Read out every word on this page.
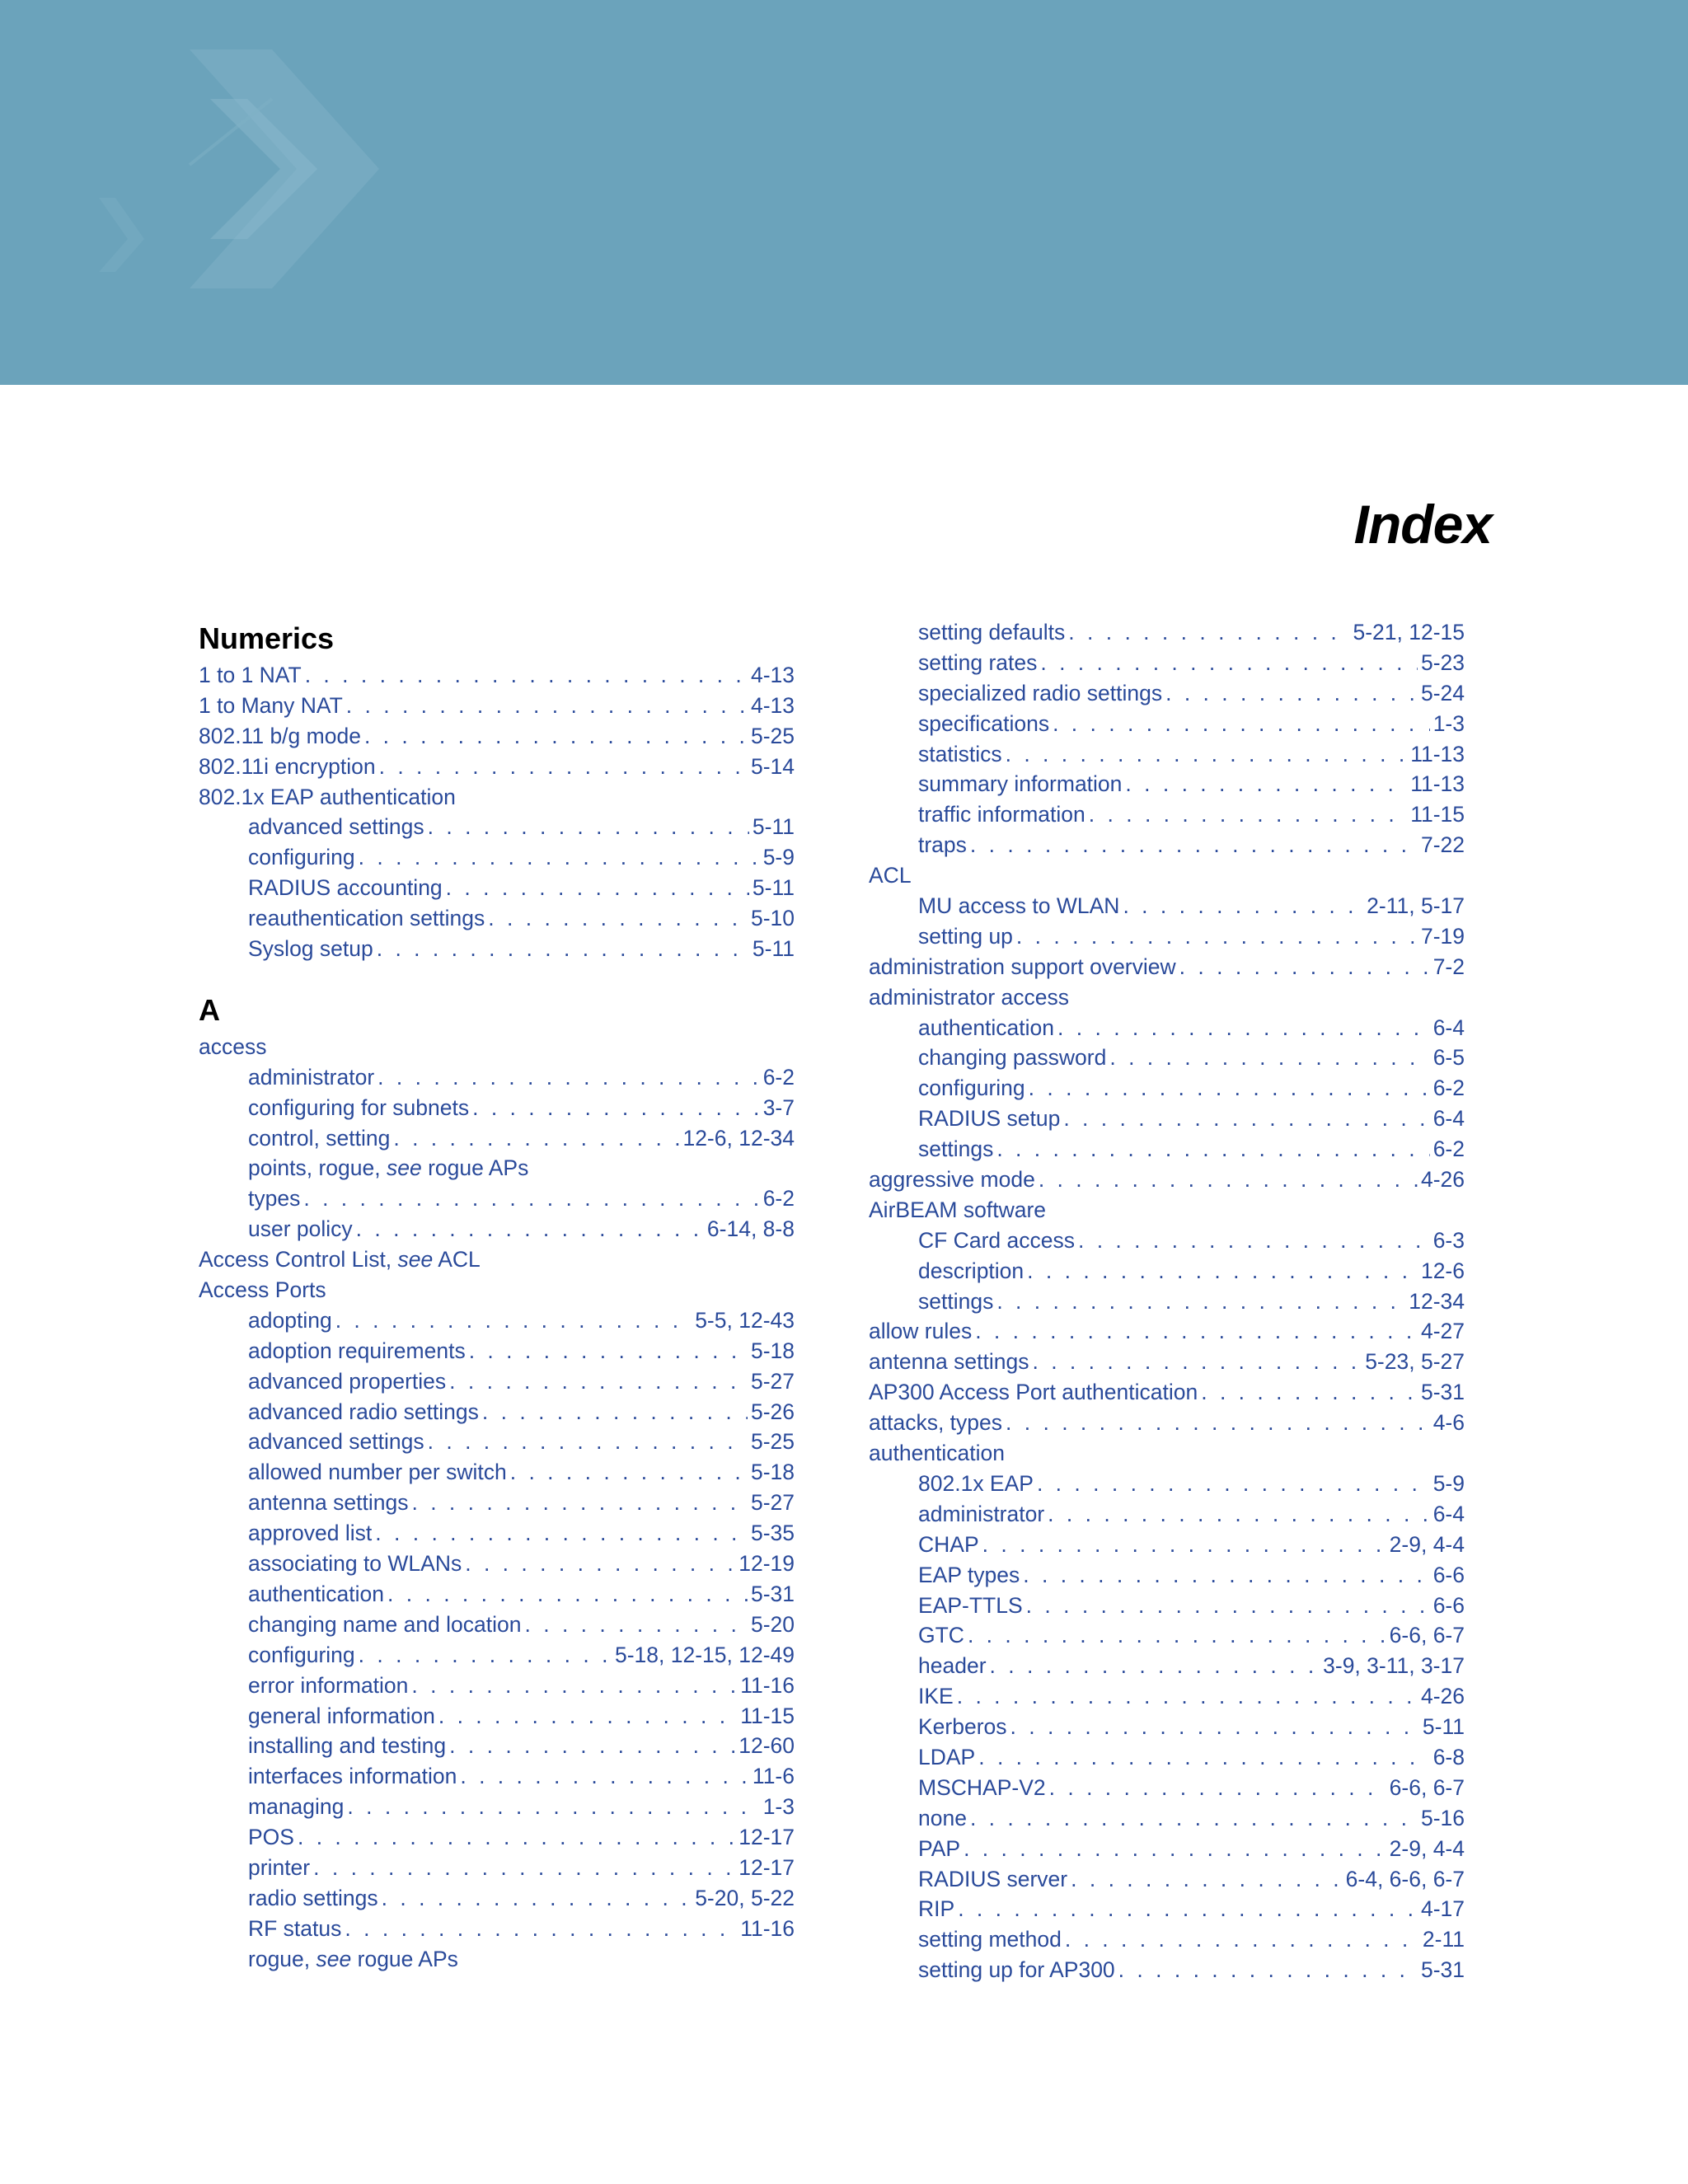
Index
Numerics
1 to 1 NAT . . .	4-13
1 to Many NAT . . .	4-13
802.11 b/g mode . . .	5-25
802.11i encryption . . .	5-14
802.1x EAP authentication
advanced settings . . .	5-11
configuring . . .	5-9
RADIUS accounting . . .	5-11
reauthentication settings . . .	5-10
Syslog setup . . .	5-11
A
access
administrator . . .	6-2
configuring for subnets . . .	3-7
control, setting . . .	12-6, 12-34
points, rogue, see rogue APs
types . . .	6-2
user policy . . .	6-14, 8-8
Access Control List, see ACL
Access Ports
adopting . . .	5-5, 12-43
adoption requirements . . .	5-18
advanced properties . . .	5-27
advanced radio settings . . .	5-26
advanced settings . . .	5-25
allowed number per switch . . .	5-18
antenna settings . . .	5-27
approved list . . .	5-35
associating to WLANs . . .	12-19
authentication . . .	5-31
changing name and location . . .	5-20
configuring . . .	5-18, 12-15, 12-49
error information . . .	11-16
general information . . .	11-15
installing and testing . . .	12-60
interfaces information . . .	11-6
managing . . .	1-3
POS . . .	12-17
printer . . .	12-17
radio settings . . .	5-20, 5-22
RF status . . .	11-16
rogue, see rogue APs
setting defaults . . .	5-21, 12-15
setting rates . . .	5-23
specialized radio settings . . .	5-24
specifications . . .	1-3
statistics . . .	11-13
summary information . . .	11-13
traffic information . . .	11-15
traps . . .	7-22
ACL
MU access to WLAN . . .	2-11, 5-17
setting up . . .	7-19
administration support overview . . .	7-2
administrator access
authentication . . .	6-4
changing password . . .	6-5
configuring . . .	6-2
RADIUS setup . . .	6-4
settings . . .	6-2
aggressive mode . . .	4-26
AirBEAM software
CF Card access . . .	6-3
description . . .	12-6
settings . . .	12-34
allow rules . . .	4-27
antenna settings . . .	5-23, 5-27
AP300 Access Port authentication . . .	5-31
attacks, types . . .	4-6
authentication
802.1x EAP . . .	5-9
administrator . . .	6-4
CHAP . . .	2-9, 4-4
EAP types . . .	6-6
EAP-TTLS . . .	6-6
GTC . . .	6-6, 6-7
header . . .	3-9, 3-11, 3-17
IKE . . .	4-26
Kerberos . . .	5-11
LDAP . . .	6-8
MSCHAP-V2 . . .	6-6, 6-7
none . . .	5-16
PAP . . .	2-9, 4-4
RADIUS server . . .	6-4, 6-6, 6-7
RIP . . .	4-17
setting method . . .	2-11
setting up for AP300 . . .	5-31
